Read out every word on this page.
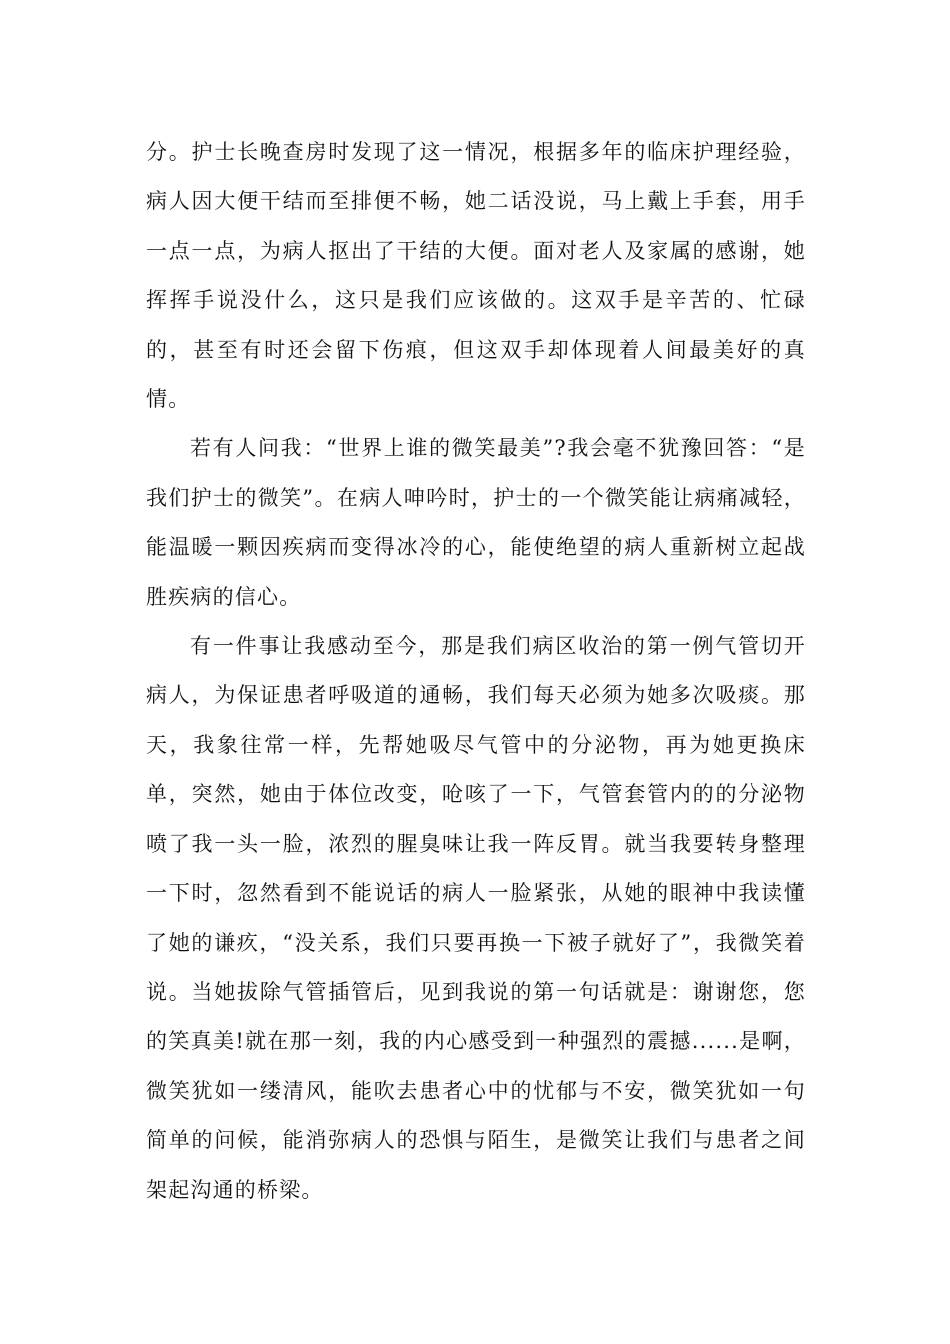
分。护士长晚查房时发现了这一情况，根据多年的临床护理经验，病人因大便干结而至排便不畅，她二话没说，马上戴上手套，用手一点一点，为病人抠出了干结的大便。面对老人及家属的感谢，她挥挥手说没什么，这只是我们应该做的。这双手是辛苦的、忙碌的，甚至有时还会留下伤痕，但这双手却体现着人间最美好的真情。

若有人问我：“世界上谁的微笑最美”?我会毫不犹豫回答：“是我们护士的微笑”。在病人呻吟时，护士的一个微笑能让病痛减轻，能温暖一颗因疾病而变得冰冷的心，能使绝望的病人重新树立起战胜疾病的信心。

有一件事让我感动至今，那是我们病区收治的第一例气管切开病人，为保证患者呼吸道的通畅，我们每天必须为她多次吸痰。那天，我象往常一样，先帮她吸尽气管中的分泌物，再为她更换床单，突然，她由于体位改变，呛咳了一下，气管套管内的的分泌物喷了我一头一脸，浓烈的腥臭味让我一阵反胃。就当我要转身整理一下时，忽然看到不能说话的病人一脸紧张，从她的眼神中我读懂了她的谦疚，“没关系，我们只要再换一下被子就好了”，我微笑着说。当她拔除气管插管后，见到我说的第一句话就是：谢谢您，您的笑真美!就在那一刻，我的内心感受到一种强烈的震撼......是啊，微笑犹如一缕清风，能吹去患者心中的忧郁与不安，微笑犹如一句简单的问候，能消弥病人的恐惧与陌生，是微笑让我们与患者之间架起沟通的桥梁。
